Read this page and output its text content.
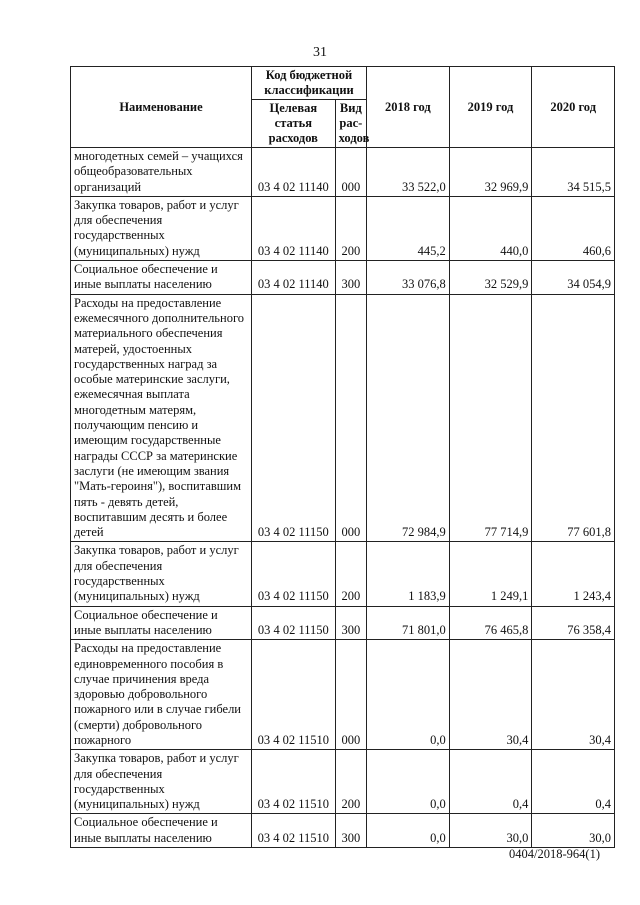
31
Наименование	Код бюджетной классификации		2018 год	2019 год	2020 год
	Целевая статья расходов	Вид рас-ходов			
многодетных семей – учащихся общеобразовательных организаций	03 4 02 11140	000	33 522,0	32 969,9	34 515,5
Закупка товаров, работ и услуг для обеспечения государственных (муниципальных) нужд	03 4 02 11140	200	445,2	440,0	460,6
Социальное обеспечение и иные выплаты населению	03 4 02 11140	300	33 076,8	32 529,9	34 054,9
Расходы на предоставление ежемесячного дополнительного материального обеспечения матерей, удостоенных государственных наград за особые материнские заслуги, ежемесячная выплата многодетным матерям, получающим пенсию и имеющим государственные награды СССР за материнские заслуги (не имеющим звания "Мать-героиня"), воспитавшим пять - девять детей, воспитавшим десять и более детей	03 4 02 11150	000	72 984,9	77 714,9	77 601,8
Закупка товаров, работ и услуг для обеспечения государственных (муниципальных) нужд	03 4 02 11150	200	1 183,9	1 249,1	1 243,4
Социальное обеспечение и иные выплаты населению	03 4 02 11150	300	71 801,0	76 465,8	76 358,4
Расходы на предоставление единовременного пособия в случае причинения вреда здоровью добровольного пожарного или в случае гибели (смерти) добровольного пожарного	03 4 02 11510	000	0,0	30,4	30,4
Закупка товаров, работ и услуг для обеспечения государственных (муниципальных) нужд	03 4 02 11510	200	0,0	0,4	0,4
Социальное обеспечение и иные выплаты населению	03 4 02 11510	300	0,0	30,0	30,0
0404/2018-964(1)
